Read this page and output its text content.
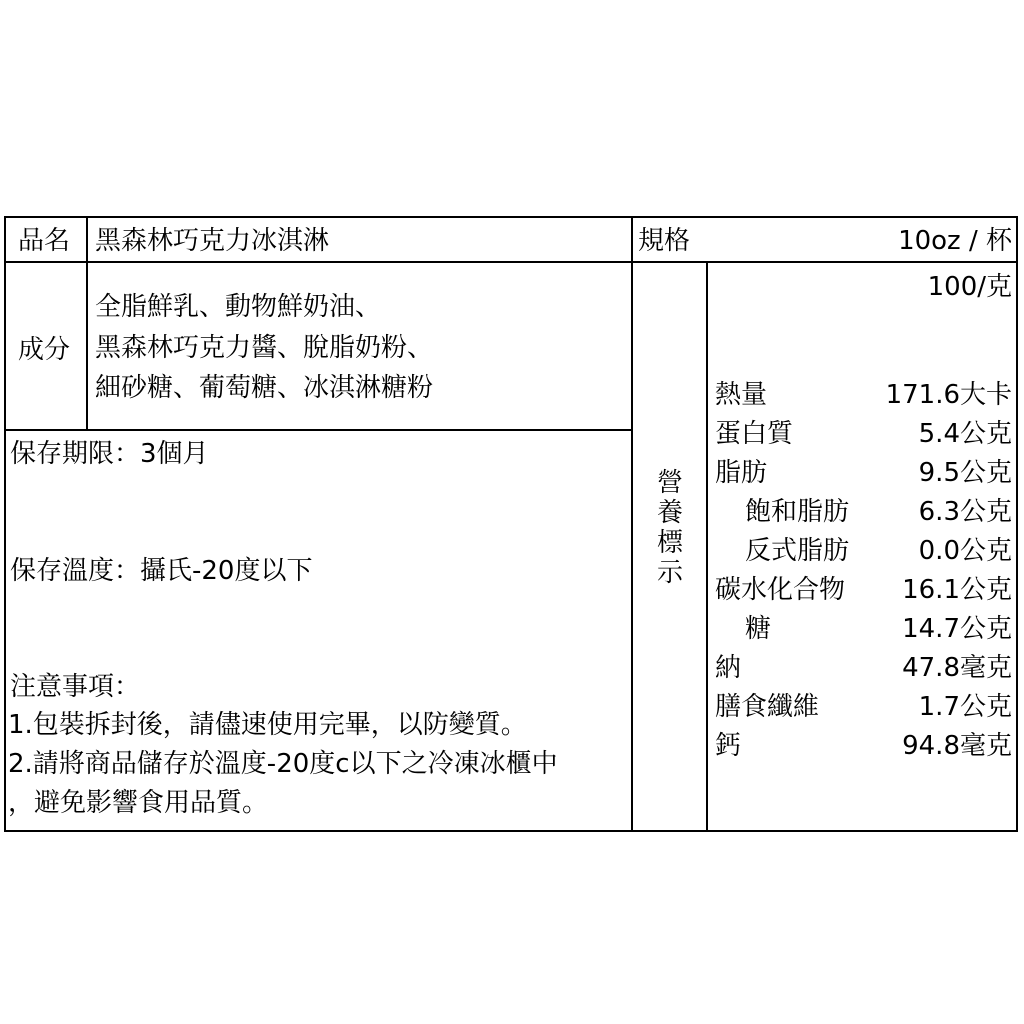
品名 黑森林巧克力冰淇淋	規格	10oz / 杯
成分
全脂鮮乳、動物鮮奶油、
黑森林巧克力醬、脫脂奶粉、
細砂糖、葡萄糖、冰淇淋糖粉
保存期限：3個月
保存溫度：攝氏-20度以下
注意事項：
1.包裝拆封後，請儘速使用完畢，以防變質。
2.請將商品儲存於溫度-20度c以下之冷凍冰櫃中
，避免影響食用品質。
營養標示
100/克
熱量	171.6大卡
蛋白質	5.4公克
脂肪	9.5公克
飽和脂肪	6.3公克
反式脂肪	0.0公克
碳水化合物	16.1公克
糖	14.7公克
納	47.8毫克
膳食纖維	1.7公克
鈣	94.8毫克
